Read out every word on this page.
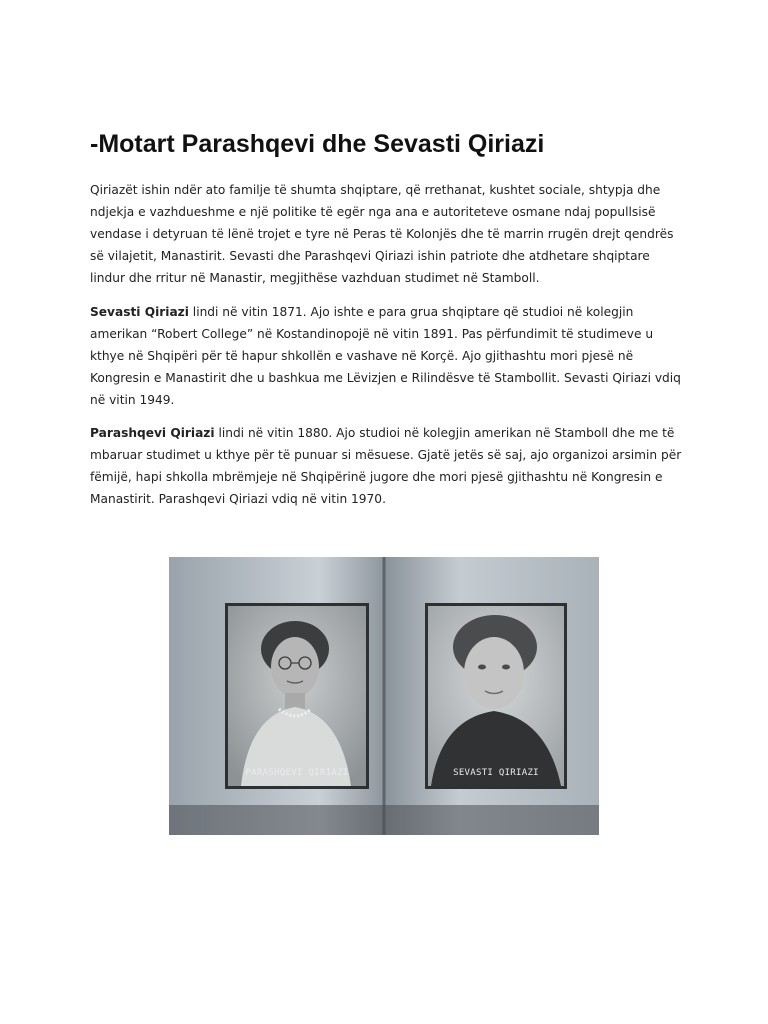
-Motart Parashqevi dhe Sevasti Qiriazi

Qiriazët ishin ndër ato familje të shumta shqiptare, që rrethanat, kushtet sociale, shtypja dhe ndjekja e vazhdueshme e një politike të egër nga ana e autoriteteve osmane ndaj popullsisë vendase i detyruan të lënë trojet e tyre në Peras të Kolonjës dhe të marrin rrugën drejt qendrës së vilajetit, Manastirit. Sevasti dhe Parashqevi Qiriazi ishin patriote dhe atdhetare shqiptare lindur dhe rritur në Manastir, megjithëse vazhduan studimet në Stamboll.

Sevasti Qiriazi lindi në vitin 1871. Ajo ishte e para grua shqiptare që studioi në kolegjin amerikan “Robert College” në Kostandinopojë në vitin 1891. Pas përfundimit të studimeve u kthye në Shqipëri për të hapur shkollën e vashave në Korçë. Ajo gjithashtu mori pjesë në Kongresin e Manastirit dhe u bashkua me Lëvizjen e Rilindësve të Stambollit. Sevasti Qiriazi vdiq në vitin 1949.

Parashqevi Qiriazi lindi në vitin 1880. Ajo studioi në kolegjin amerikan në Stamboll dhe me të mbaruar studimet u kthye për të punuar si mësuese. Gjatë jetës së saj, ajo organizoi arsimin për fëmijë, hapi shkolla mbrëmjeje në Shqipërinë jugore dhe mori pjesë gjithashtu në Kongresin e Manastirit. Parashqevi Qiriazi vdiq në vitin 1970.

PARASHQEVI QIRIAZI	SEVASTI QIRIAZI
